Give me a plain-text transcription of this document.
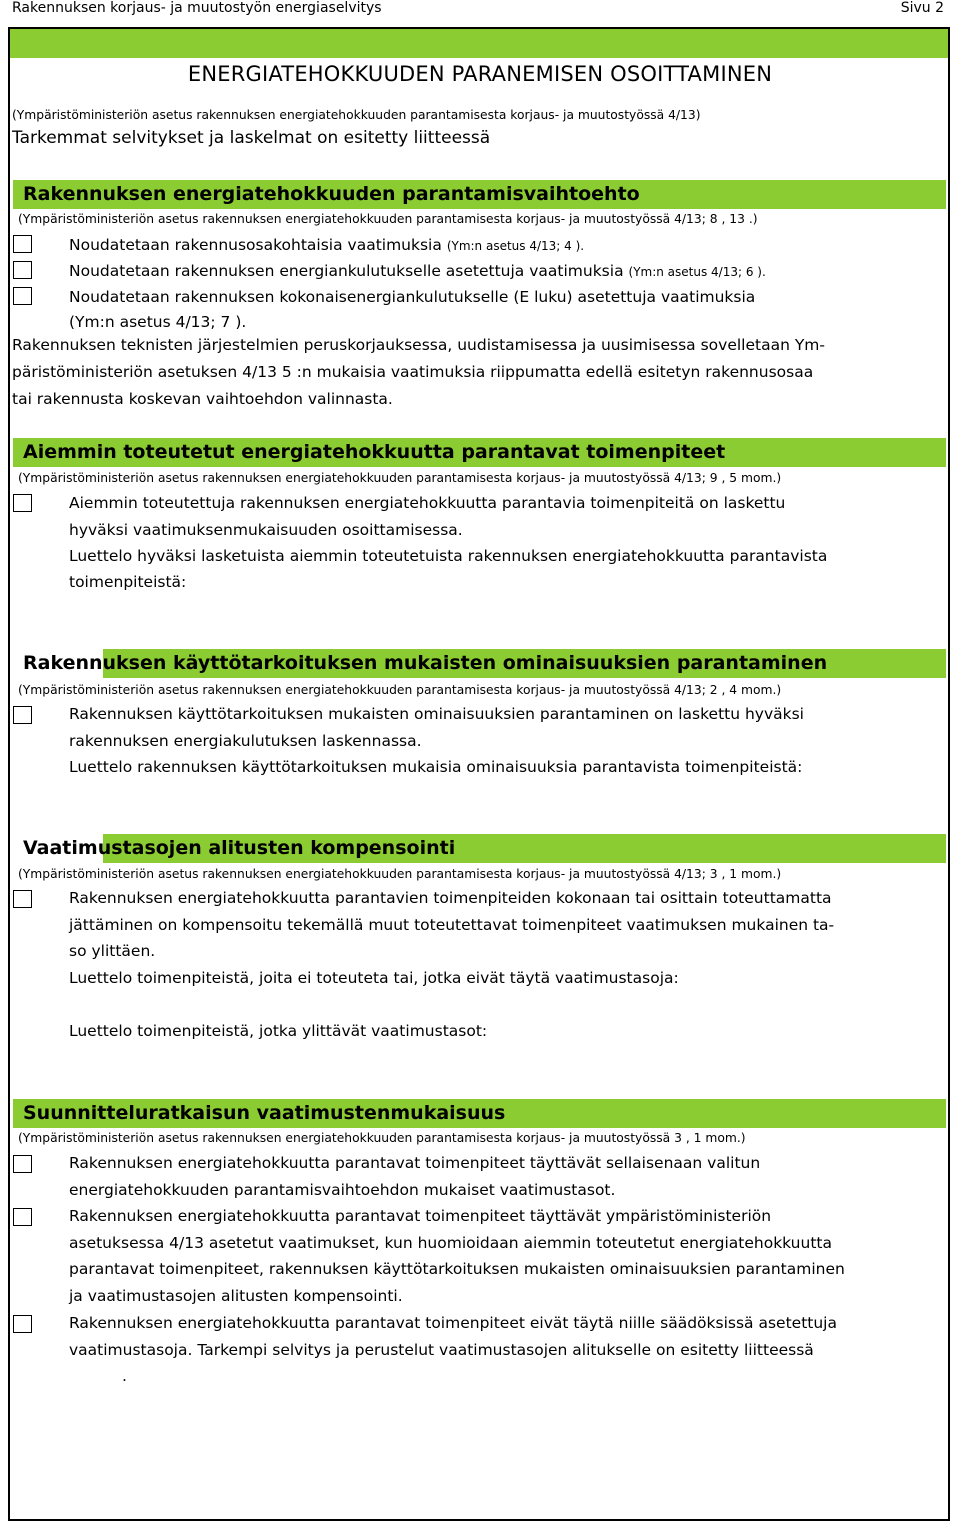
Rakennuksen korjaus- ja muutostyön energiaselvitys	Sivu 2
ENERGIATEHOKKUUDEN PARANEMISEN OSOITTAMINEN
(Ympäristöministeriön asetus rakennuksen energiatehokkuuden parantamisesta korjaus- ja muutostyössä 4/13)
Tarkemmat selvitykset ja laskelmat on esitetty liitteessä
Rakennuksen energiatehokkuuden parantamisvaihtoehto
(Ympäristöministeriön asetus rakennuksen energiatehokkuuden parantamisesta korjaus- ja muutostyössä 4/13; 8 , 13 .)
Noudatetaan rakennusosakohtaisia vaatimuksia (Ym:n asetus 4/13; 4 ).
Noudatetaan rakennuksen energiankulutukselle asetettuja vaatimuksia (Ym:n asetus 4/13; 6 ).
Noudatetaan rakennuksen kokonaisenergiankulutukselle (E luku) asetettuja vaatimuksia
(Ym:n asetus 4/13; 7 ).
Rakennuksen teknisten järjestelmien peruskorjauksessa, uudistamisessa ja uusimisessa sovelletaan Ym-
päristöministeriön asetuksen 4/13 5 :n mukaisia vaatimuksia riippumatta edellä esitetyn rakennusosaa
tai rakennusta koskevan vaihtoehdon valinnasta.
Aiemmin toteutetut energiatehokkuutta parantavat toimenpiteet
(Ympäristöministeriön asetus rakennuksen energiatehokkuuden parantamisesta korjaus- ja muutostyössä 4/13; 9 , 5 mom.)
Aiemmin toteutettuja rakennuksen energiatehokkuutta parantavia toimenpiteitä on laskettu
hyväksi vaatimuksenmukaisuuden osoittamisessa.
Luettelo hyväksi lasketuista aiemmin toteutetuista rakennuksen energiatehokkuutta parantavista
toimenpiteistä:
Rakennuksen käyttötarkoituksen mukaisten ominaisuuksien parantaminen
(Ympäristöministeriön asetus rakennuksen energiatehokkuuden parantamisesta korjaus- ja muutostyössä 4/13; 2 , 4 mom.)
Rakennuksen käyttötarkoituksen mukaisten ominaisuuksien parantaminen on laskettu hyväksi
rakennuksen energiakulutuksen laskennassa.
Luettelo rakennuksen käyttötarkoituksen mukaisia ominaisuuksia parantavista toimenpiteistä:
Vaatimustasojen alitusten kompensointi
(Ympäristöministeriön asetus rakennuksen energiatehokkuuden parantamisesta korjaus- ja muutostyössä 4/13; 3 , 1 mom.)
Rakennuksen energiatehokkuutta parantavien toimenpiteiden kokonaan tai osittain toteuttamatta
jättäminen on kompensoitu tekemällä muut toteutettavat toimenpiteet vaatimuksen mukainen ta-
so ylittäen.
Luettelo toimenpiteistä, joita ei toteuteta tai, jotka eivät täytä vaatimustasoja:
Luettelo toimenpiteistä, jotka ylittävät vaatimustasot:
Suunnitteluratkaisun vaatimustenmukaisuus
(Ympäristöministeriön asetus rakennuksen energiatehokkuuden parantamisesta korjaus- ja muutostyössä 3 , 1 mom.)
Rakennuksen energiatehokkuutta parantavat toimenpiteet täyttävät sellaisenaan valitun
energiatehokkuuden parantamisvaihtoehdon mukaiset vaatimustasot.
Rakennuksen energiatehokkuutta parantavat toimenpiteet täyttävät ympäristöministeriön
asetuksessa 4/13 asetetut vaatimukset, kun huomioidaan aiemmin toteutetut energiatehokkuutta
parantavat toimenpiteet, rakennuksen käyttötarkoituksen mukaisten ominaisuuksien parantaminen
ja vaatimustasojen alitusten kompensointi.
Rakennuksen energiatehokkuutta parantavat toimenpiteet eivät täytä niille säädöksissä asetettuja
vaatimustasoja. Tarkempi selvitys ja perustelut vaatimustasojen alitukselle on esitetty liitteessä
.
